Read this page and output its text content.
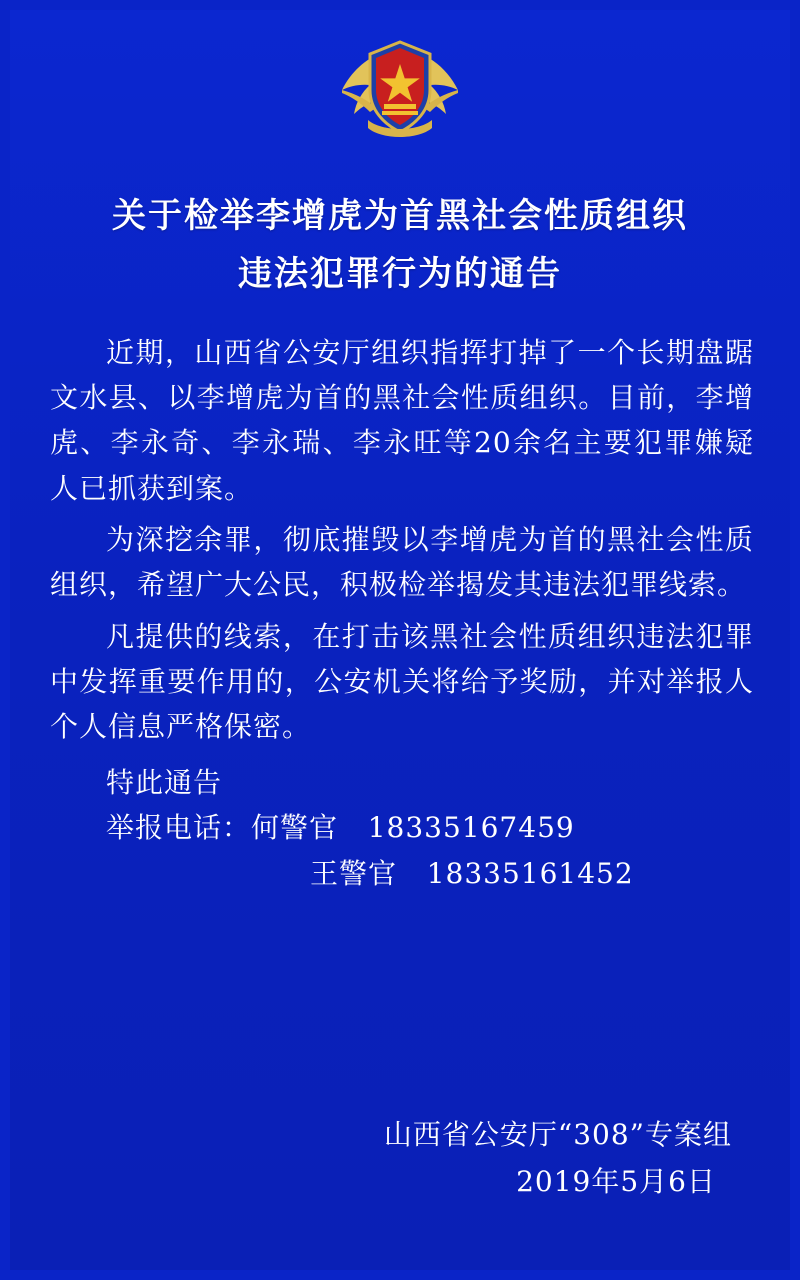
关于检举李增虎为首黑社会性质组织
违法犯罪行为的通告

近期，山西省公安厅组织指挥打掉了一个长期盘踞文水县、以李增虎为首的黑社会性质组织。目前，李增虎、李永奇、李永瑞、李永旺等20余名主要犯罪嫌疑人已抓获到案。

为深挖余罪，彻底摧毁以李增虎为首的黑社会性质组织，希望广大公民，积极检举揭发其违法犯罪线索。

凡提供的线索，在打击该黑社会性质组织违法犯罪中发挥重要作用的，公安机关将给予奖励，并对举报人个人信息严格保密。

特此通告

举报电话：何警官 18335167459

王警官 18335161452

山西省公安厅“308”专案组
2019年5月6日
